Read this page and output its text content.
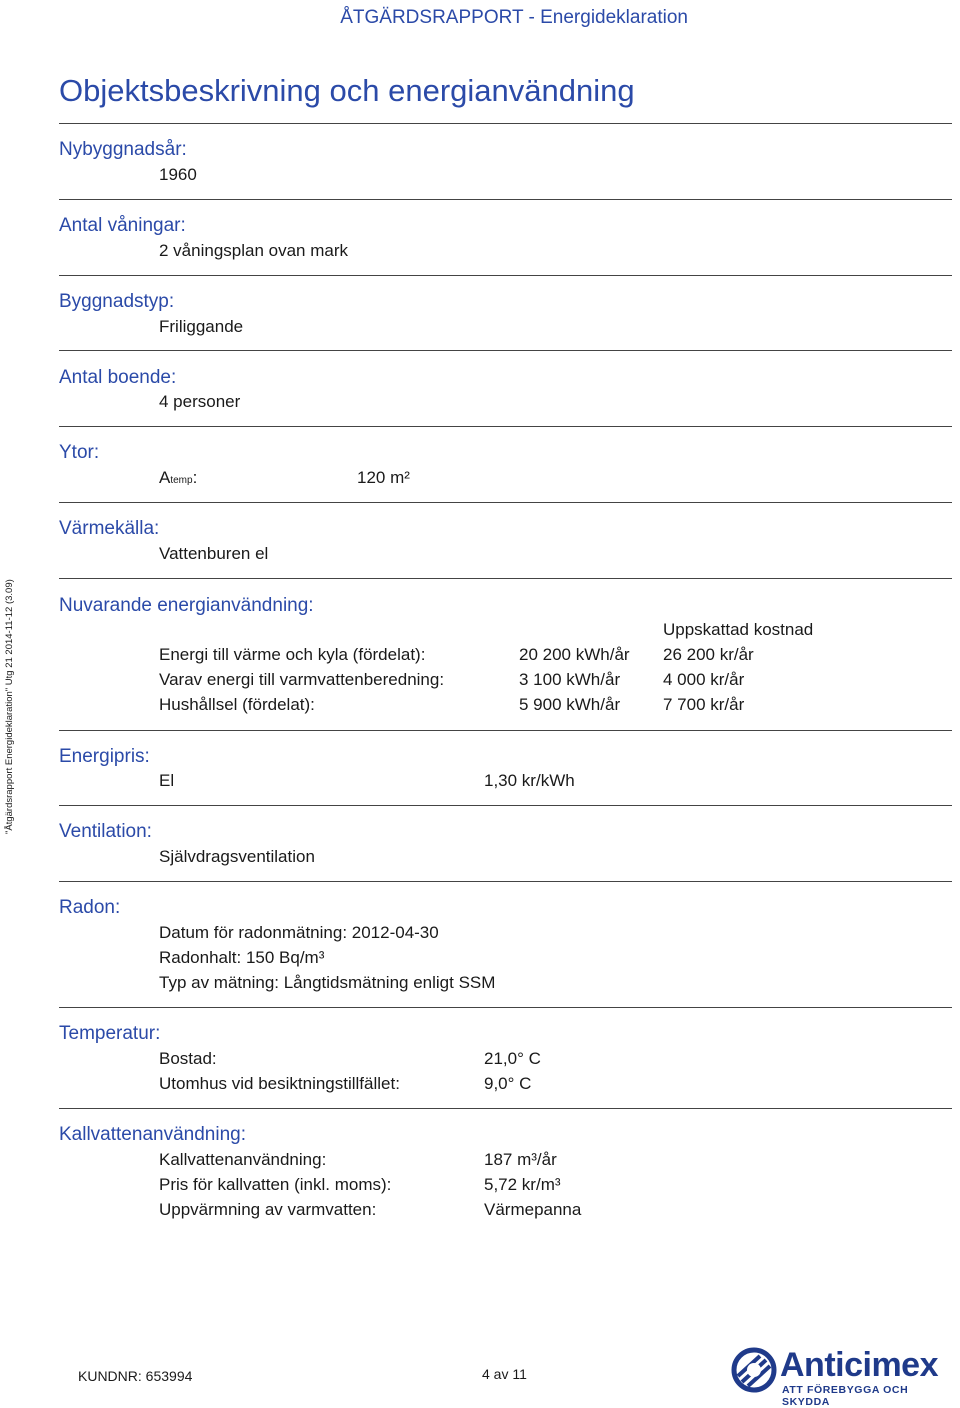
ÅTGÄRDSRAPPORT - Energideklaration
"Åtgärdsrapport Energideklaration" Utg 21 2014-11-12 (3.09)
Objektsbeskrivning och energianvändning
Nybyggnadsår:
1960
Antal våningar:
2 våningsplan ovan mark
Byggnadstyp:
Friliggande
Antal boende:
4 personer
Ytor:
Atemp:	120 m²
Värmekälla:
Vattenburen el
Nuvarande energianvändning:
Uppskattad kostnad
Energi till värme och kyla (fördelat):	20 200 kWh/år 26 200 kr/år
Varav energi till varmvattenberedning:	3 100 kWh/år	4 000 kr/år
Hushållsel (fördelat):	5 900 kWh/år	7 700 kr/år
Energipris:
El	1,30 kr/kWh
Ventilation:
Självdragsventilation
Radon:
Datum för radonmätning: 2012-04-30
Radonhalt: 150 Bq/m³
Typ av mätning: Långtidsmätning enligt SSM
Temperatur:
Bostad:	21,0° C
Utomhus vid besiktningstillfället:	9,0° C
Kallvattenanvändning:
Kallvattenanvändning:	187 m³/år
Pris för kallvatten (inkl. moms):	5,72 kr/m³
Uppvärmning av varmvatten:	Värmepanna
KUNDNR: 653994	4 av 11	Anticimex
ATT FÖREBYGGA OCH SKYDDA
